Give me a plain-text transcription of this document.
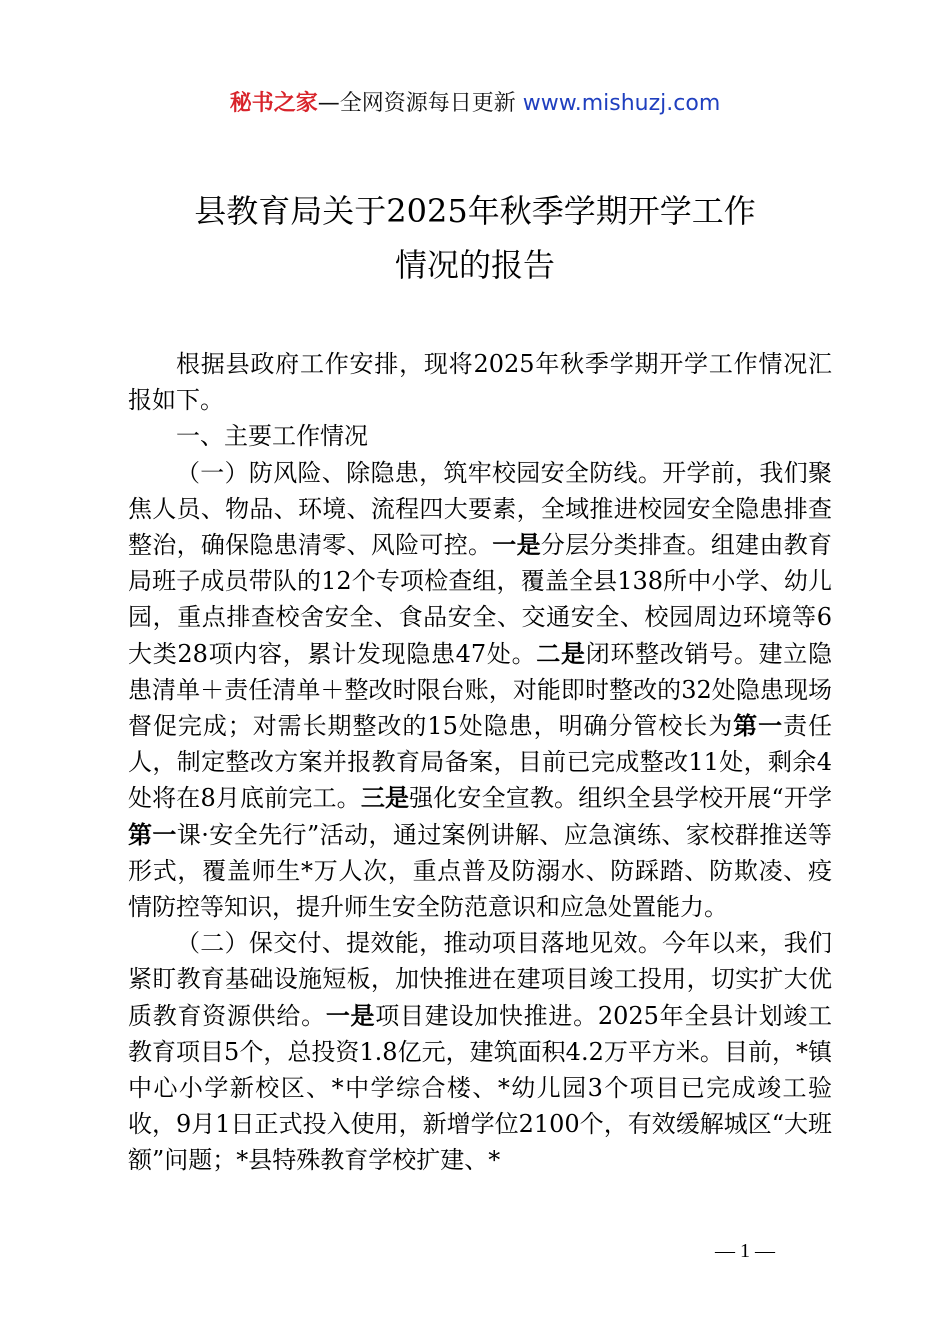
秘书之家—全网资源每日更新 www.mishuzj.com
县教育局关于2025年秋季学期开学工作
情况的报告

根据县政府工作安排，现将2025年秋季学期开学工作情况汇报如下。

一、主要工作情况

（一）防风险、除隐患，筑牢校园安全防线。开学前，我们聚焦人员、物品、环境、流程四大要素，全域推进校园安全隐患排查整治，确保隐患清零、风险可控。一是分层分类排查。组建由教育局班子成员带队的12个专项检查组，覆盖全县138所中小学、幼儿园，重点排查校舍安全、食品安全、交通安全、校园周边环境等6大类28项内容，累计发现隐患47处。二是闭环整改销号。建立隐患清单＋责任清单＋整改时限台账，对能即时整改的32处隐患现场督促完成；对需长期整改的15处隐患，明确分管校长为第一责任人，制定整改方案并报教育局备案，目前已完成整改11处，剩余4处将在8月底前完工。三是强化安全宣教。组织全县学校开展“开学第一课·安全先行”活动，通过案例讲解、应急演练、家校群推送等形式，覆盖师生*万人次，重点普及防溺水、防踩踏、防欺凌、疫情防控等知识，提升师生安全防范意识和应急处置能力。

（二）保交付、提效能，推动项目落地见效。今年以来，我们紧盯教育基础设施短板，加快推进在建项目竣工投用，切实扩大优质教育资源供给。一是项目建设加快推进。2025年全县计划竣工教育项目5个，总投资1.8亿元，建筑面积4.2万平方米。目前，*镇中心小学新校区、*中学综合楼、*幼儿园3个项目已完成竣工验收，9月1日正式投入使用，新增学位2100个，有效缓解城区“大班额”问题；*县特殊教育学校扩建、*

— 1 —
